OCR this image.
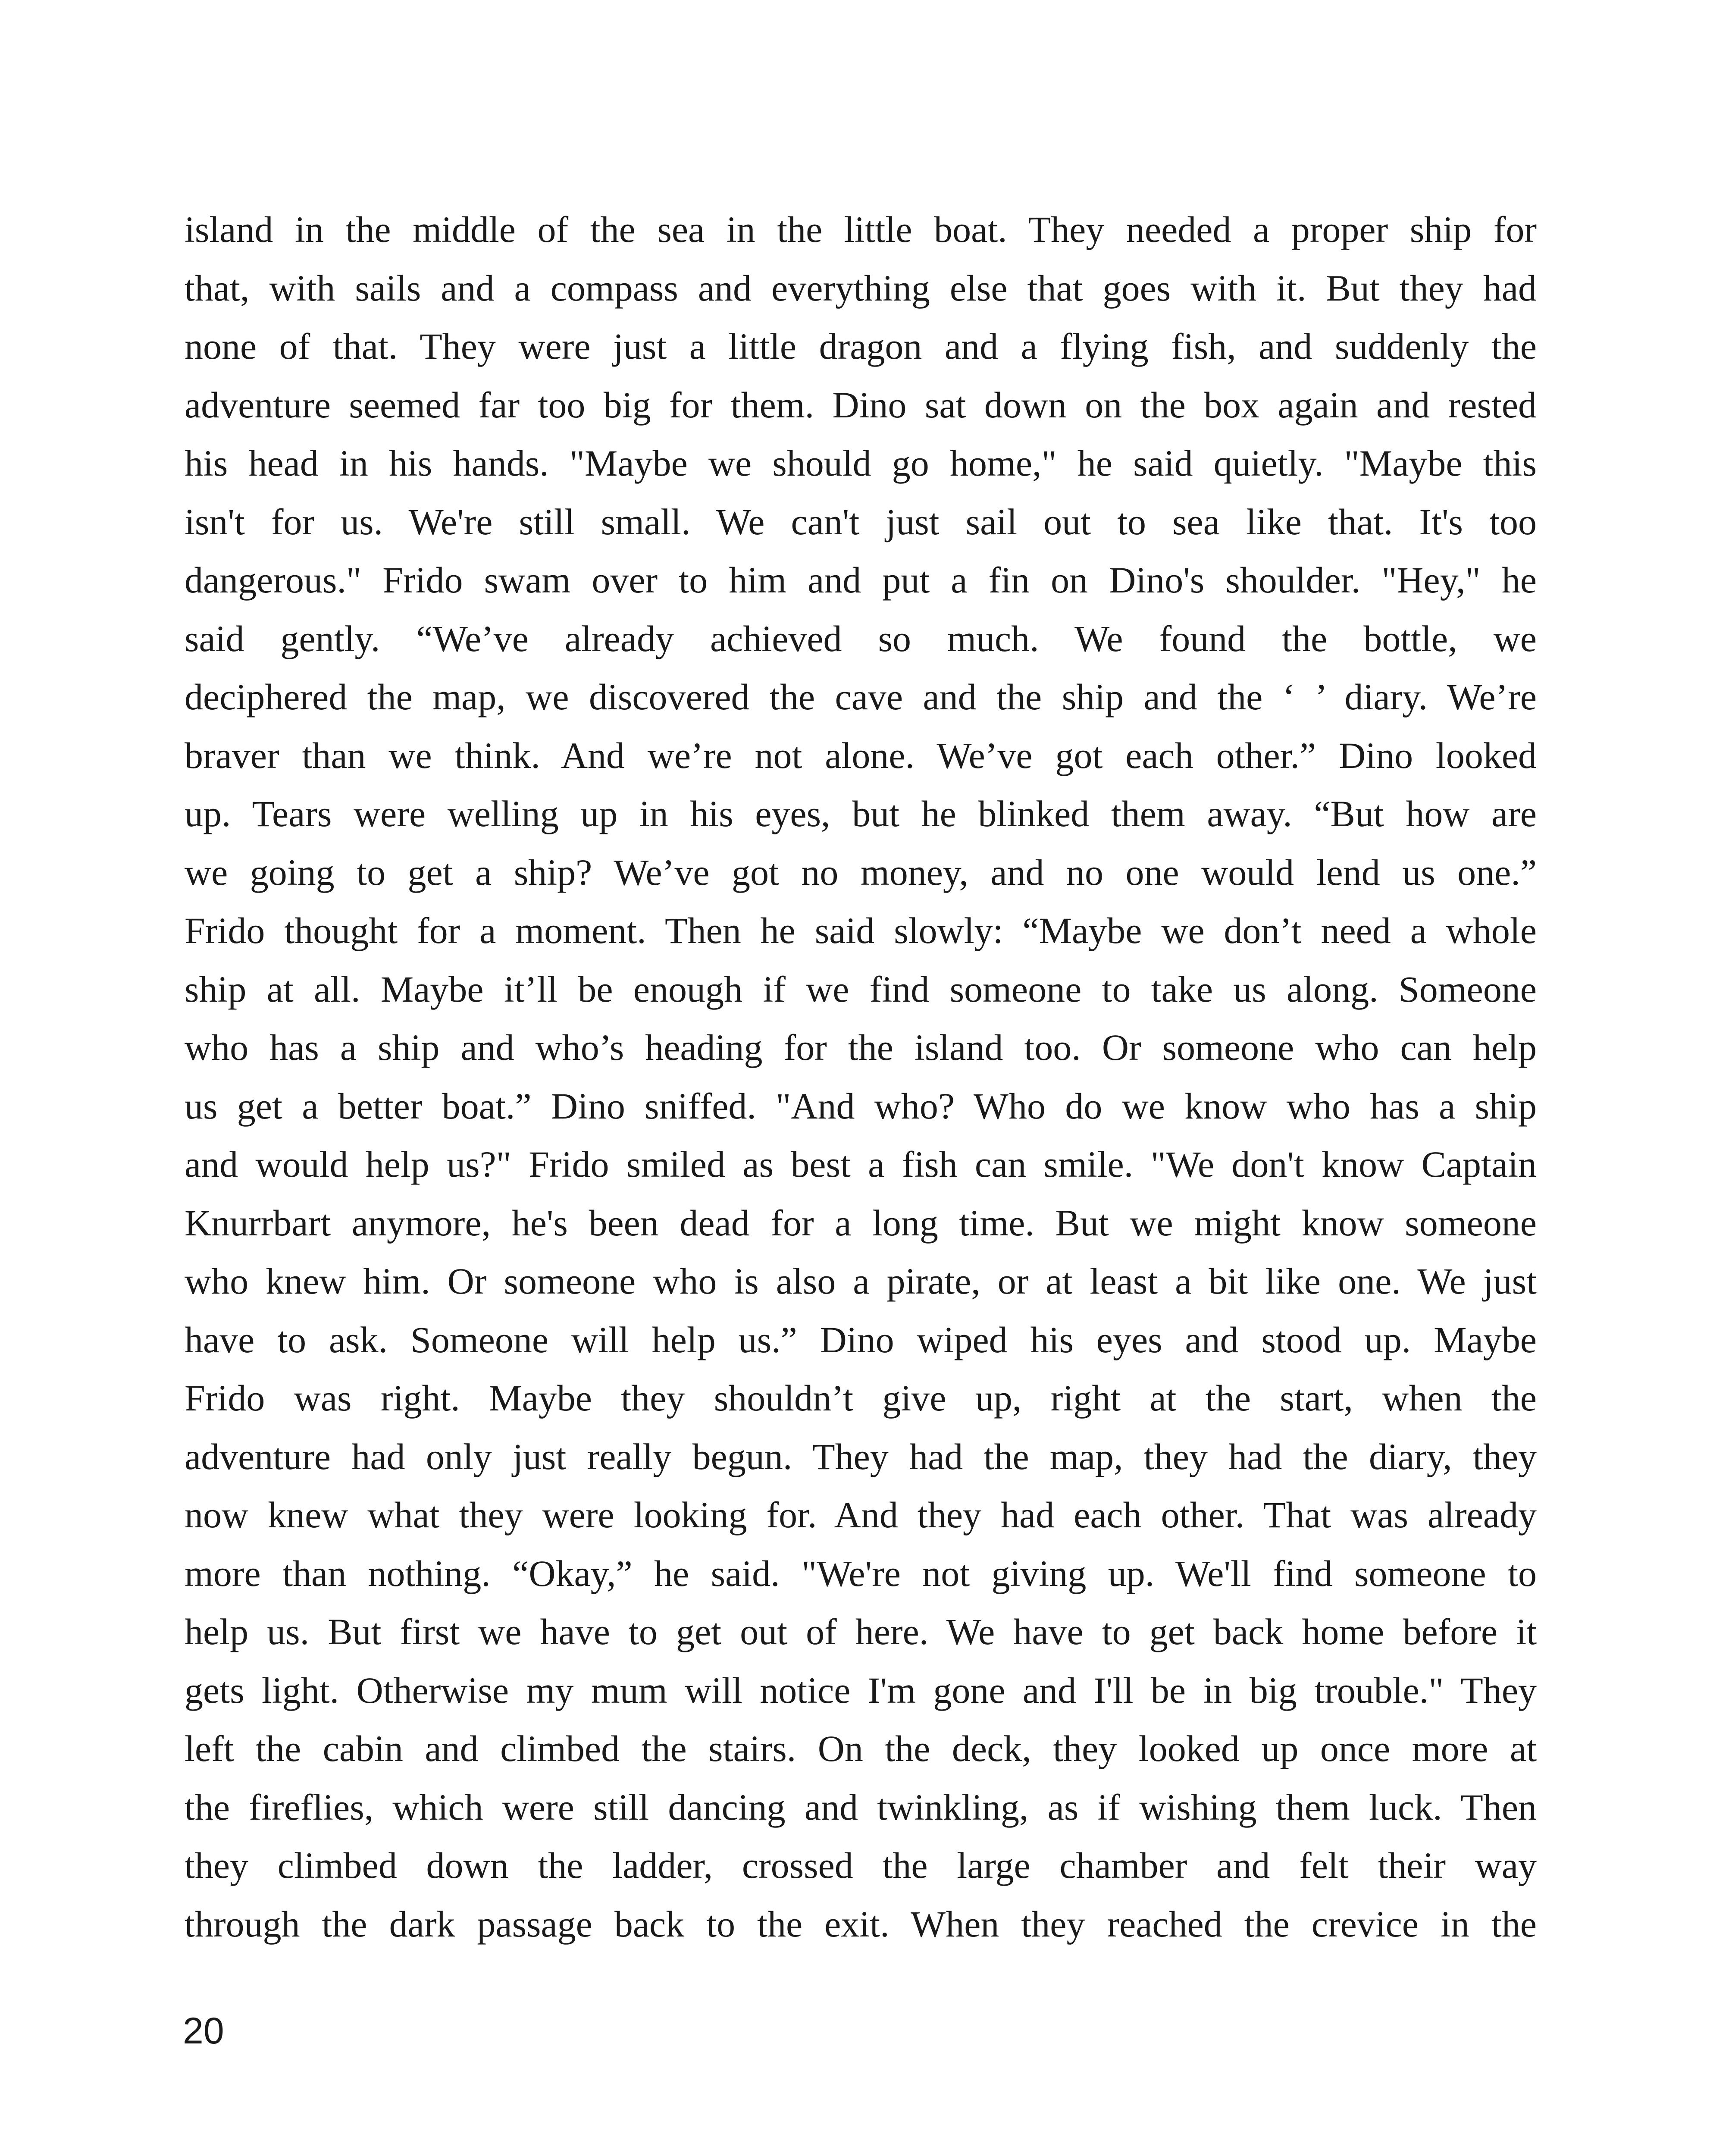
island in the middle of the sea in the little boat. They needed a proper ship for
that, with sails and a compass and everything else that goes with it. But they had
none of that. They were just a little dragon and a flying fish, and suddenly the
adventure seemed far too big for them. Dino sat down on the box again and rested
his head in his hands. "Maybe we should go home," he said quietly. "Maybe this
isn't for us. We're still small. We can't just sail out to sea like that. It's too
dangerous." Frido swam over to him and put a fin on Dino's shoulder. "Hey," he
said gently. “We’ve already achieved so much. We found the bottle, we
deciphered the map, we discovered the cave and the ship and the ‘ ’ diary. We’re
braver than we think. And we’re not alone. We’ve got each other.” Dino looked
up. Tears were welling up in his eyes, but he blinked them away. “But how are
we going to get a ship? We’ve got no money, and no one would lend us one.”
Frido thought for a moment. Then he said slowly: “Maybe we don’t need a whole
ship at all. Maybe it’ll be enough if we find someone to take us along. Someone
who has a ship and who’s heading for the island too. Or someone who can help
us get a better boat.” Dino sniffed. "And who? Who do we know who has a ship
and would help us?" Frido smiled as best a fish can smile. "We don't know Captain
Knurrbart anymore, he's been dead for a long time. But we might know someone
who knew him. Or someone who is also a pirate, or at least a bit like one. We just
have to ask. Someone will help us.” Dino wiped his eyes and stood up. Maybe
Frido was right. Maybe they shouldn’t give up, right at the start, when the
adventure had only just really begun. They had the map, they had the diary, they
now knew what they were looking for. And they had each other. That was already
more than nothing. “Okay,” he said. "We're not giving up. We'll find someone to
help us. But first we have to get out of here. We have to get back home before it
gets light. Otherwise my mum will notice I'm gone and I'll be in big trouble." They
left the cabin and climbed the stairs. On the deck, they looked up once more at
the fireflies, which were still dancing and twinkling, as if wishing them luck. Then
they climbed down the ladder, crossed the large chamber and felt their way
through the dark passage back to the exit. When they reached the crevice in the
20
